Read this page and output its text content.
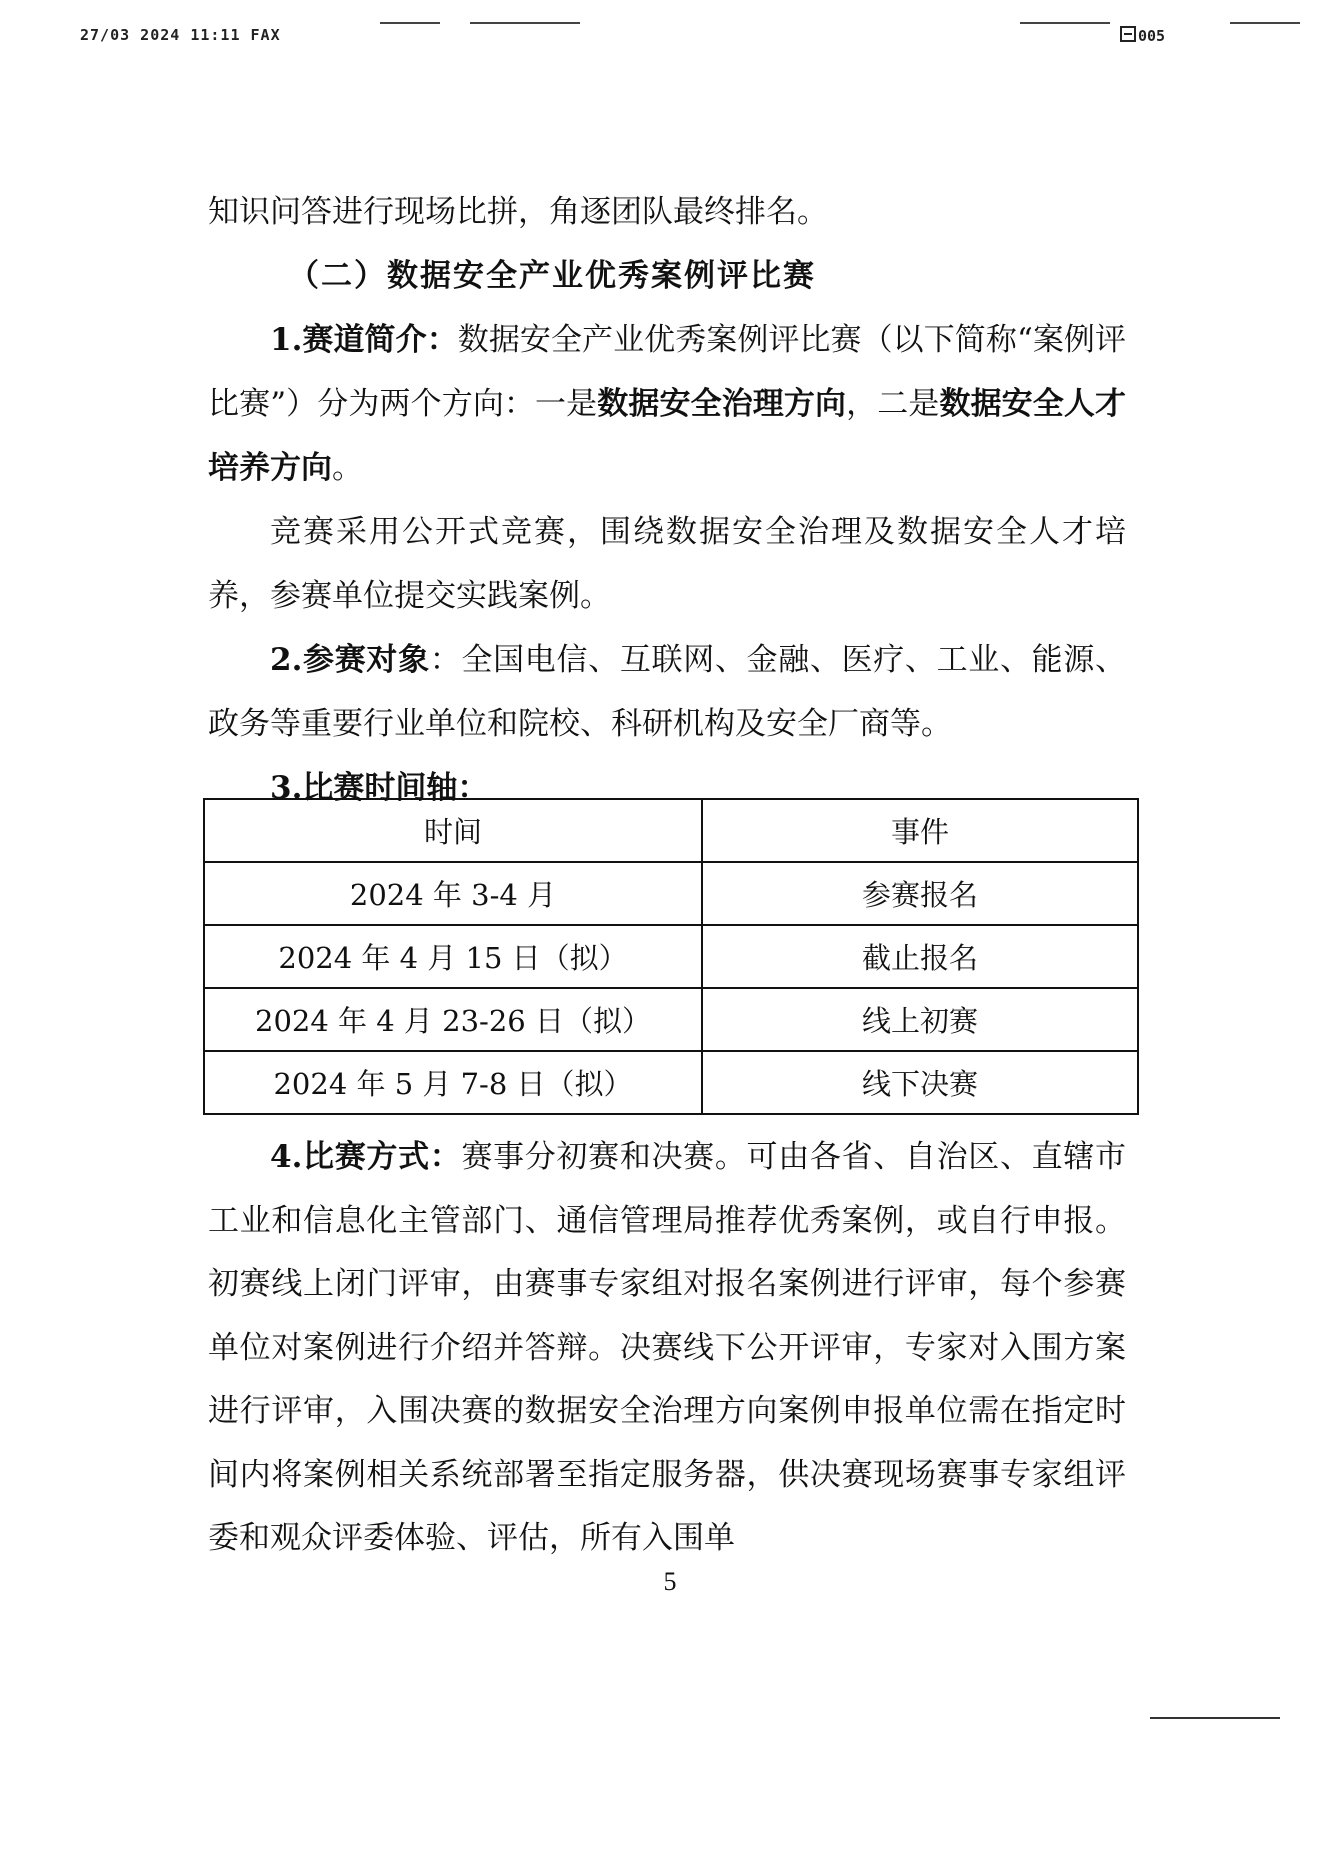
27/03 2024 11:11 FAX	005

知识问答进行现场比拼，角逐团队最终排名。

（二）数据安全产业优秀案例评比赛

1.赛道简介：数据安全产业优秀案例评比赛（以下简称“案例评比赛”）分为两个方向：一是数据安全治理方向，二是数据安全人才培养方向。

竞赛采用公开式竞赛，围绕数据安全治理及数据安全人才培养，参赛单位提交实践案例。

2.参赛对象：全国电信、互联网、金融、医疗、工业、能源、政务等重要行业单位和院校、科研机构及安全厂商等。

3.比赛时间轴：

时间	事件
2024 年 3-4 月	参赛报名
2024 年 4 月 15 日（拟）	截止报名
2024 年 4 月 23-26 日（拟）	线上初赛
2024 年 5 月 7-8 日（拟）	线下决赛

4.比赛方式：赛事分初赛和决赛。可由各省、自治区、直辖市工业和信息化主管部门、通信管理局推荐优秀案例，或自行申报。初赛线上闭门评审，由赛事专家组对报名案例进行评审，每个参赛单位对案例进行介绍并答辩。决赛线下公开评审，专家对入围方案进行评审，入围决赛的数据安全治理方向案例申报单位需在指定时间内将案例相关系统部署至指定服务器，供决赛现场赛事专家组评委和观众评委体验、评估，所有入围单

5
